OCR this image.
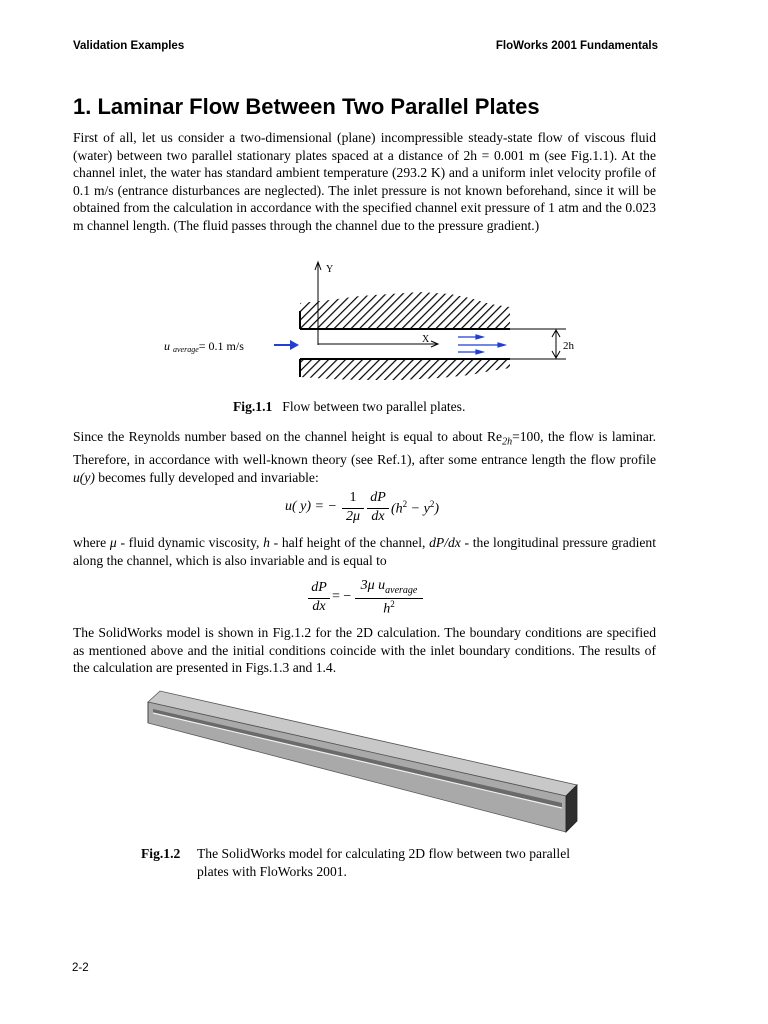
Validation Examples	FloWorks 2001 Fundamentals
1. Laminar Flow Between Two Parallel Plates

First of all, let us consider a two-dimensional (plane) incompressible steady-state flow of viscous fluid (water) between two parallel stationary plates spaced at a distance of 2h = 0.001 m (see Fig.1.1). At the channel inlet, the water has standard ambient temperature (293.2 K) and a uniform inlet velocity profile of 0.1 m/s (entrance disturbances are neglected). The inlet pressure is not known beforehand, since it will be obtained from the calculation in accordance with the specified channel exit pressure of 1 atm and the 0.023 m channel length. (The fluid passes through the channel due to the pressure gradient.)

2h
Y
X
uaverage= 0.1 m/s
Fig.1.1 Flow between two parallel plates.

Since the Reynolds number based on the channel height is equal to about $Re_{2h}=100$, the flow is laminar. Therefore, in accordance with well-known theory (see Ref.1), after some entrance length the flow profile u(y) becomes fully developed and invariable:

u( y) = −
1
2μ
dP
dx $(h^2 - y^2)$

where μ - fluid dynamic viscosity, h - half height of the channel, dP/dx - the longitudinal pressure gradient along the channel, which is also invariable and is equal to

dP
dx
= −
3μ $u_{average}$
$h^2$

The SolidWorks model is shown in Fig.1.2 for the 2D calculation. The boundary conditions are specified as mentioned above and the initial conditions coincide with the inlet boundary conditions. The results of the calculation are presented in Figs.1.3 and 1.4.

Fig.1.2 The SolidWorks model for calculating 2D flow between two parallel plates with FloWorks 2001.
2-2
